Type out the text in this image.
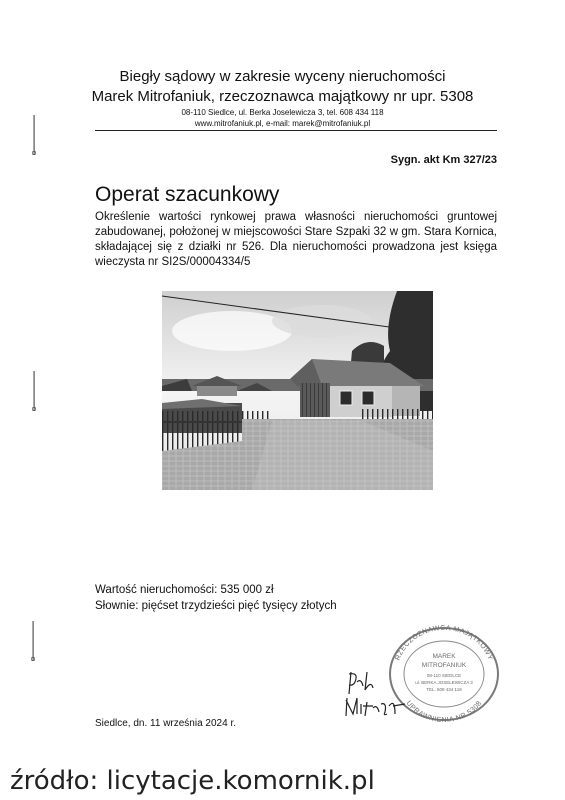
Biegły sądowy w zakresie wyceny nieruchomości
Marek Mitrofaniuk, rzeczoznawca majątkowy nr upr. 5308
08-110 Siedlce, ul. Berka Joselewicza 3, tel. 608 434 118
www.mitrofaniuk.pl, e-mail: marek@mitrofaniuk.pl
Sygn. akt Km 327/23
Operat szacunkowy
Określenie wartości rynkowej prawa własności nieruchomości gruntowej zabudowanej, położonej w miejscowości Stare Szpaki 32 w gm. Stara Kornica, składającej się z działki nr 526. Dla nieruchomości prowadzona jest księga wieczysta nr SI2S/00004334/5
Wartość nieruchomości: 535 000 zł
Słownie: pięćset trzydzieści pięć tysięcy złotych
RZECZOZNAWCA MAJĄTKOWY
UPRAWNIENIA NR 5308
MAREK
MITROFANIUK
08-110 SIEDLCE
ul. BERKA JOSELEWICZA 3
TEL. 608 434 118
Siedlce, dn. 11 września 2024 r.
źródło: licytacje.komornik.pl
